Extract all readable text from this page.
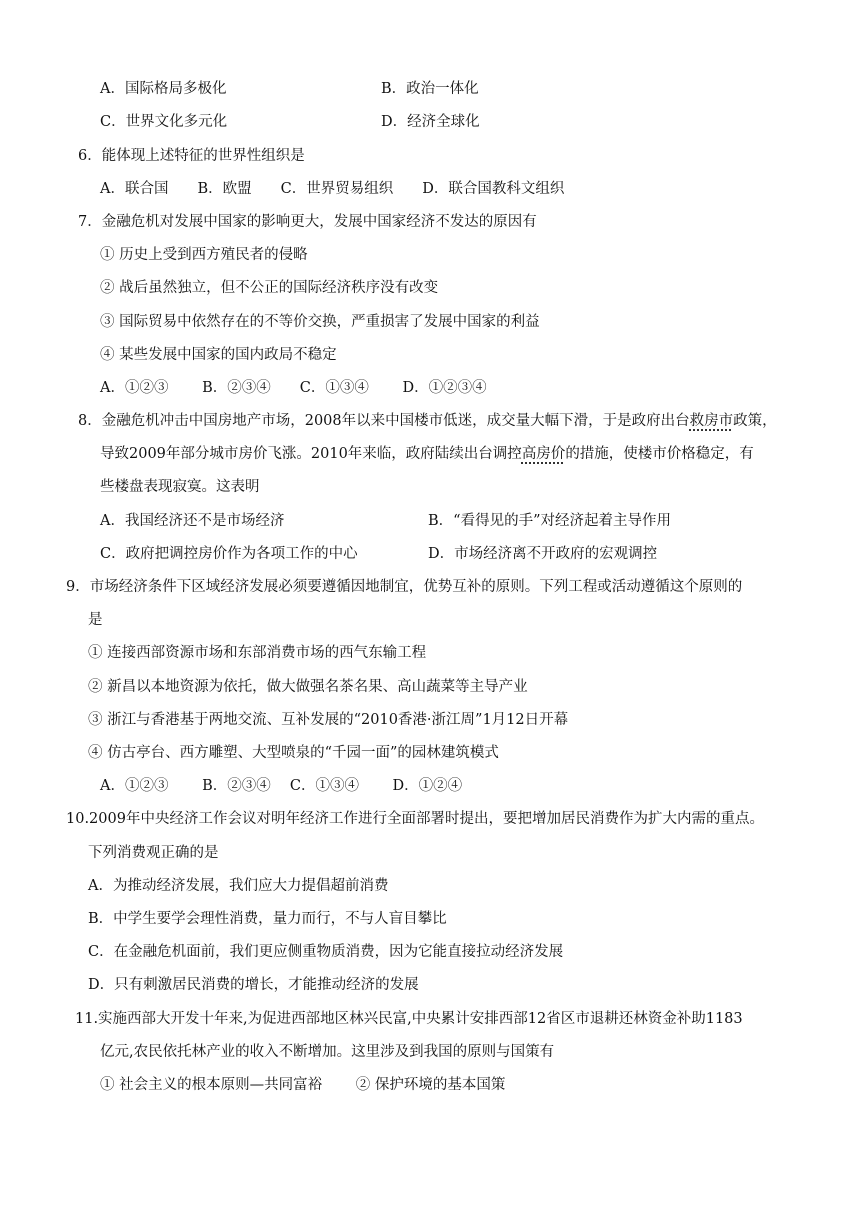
A．国际格局多极化	B．政治一体化
C．世界文化多元化	D．经济全球化
6．能体现上述特征的世界性组织是
A．联合国　　B．欧盟　　C．世界贸易组织　　D．联合国教科文组织
7．金融危机对发展中国家的影响更大，发展中国家经济不发达的原因有
① 历史上受到西方殖民者的侵略
② 战后虽然独立，但不公正的国际经济秩序没有改变
③ 国际贸易中依然存在的不等价交换，严重损害了发展中国家的利益
④ 某些发展中国家的国内政局不稳定
A．①②③　　 B．②③④　　C．①③④　　 D．①②③④
8．金融危机冲击中国房地产市场，2008年以来中国楼市低迷，成交量大幅下滑，于是政府出台救房市政策，
导致2009年部分城市房价飞涨。2010年来临，政府陆续出台调控高房价的措施，使楼市价格稳定，有
些楼盘表现寂寞。这表明
A．我国经济还不是市场经济	B．“看得见的手”对经济起着主导作用
C．政府把调控房价作为各项工作的中心	D．市场经济离不开政府的宏观调控
9．市场经济条件下区域经济发展必须要遵循因地制宜，优势互补的原则。下列工程或活动遵循这个原则的
是
① 连接西部资源市场和东部消费市场的西气东输工程
② 新昌以本地资源为依托，做大做强名茶名果、高山蔬菜等主导产业
③ 浙江与香港基于两地交流、互补发展的“2010香港·浙江周”1月12日开幕
④ 仿古亭台、西方雕塑、大型喷泉的“千园一面”的园林建筑模式
A．①②③　　 B．②③④　 C．①③④　　 D．①②④
10.2009年中央经济工作会议对明年经济工作进行全面部署时提出，要把增加居民消费作为扩大内需的重点。
下列消费观正确的是
A．为推动经济发展，我们应大力提倡超前消费
B．中学生要学会理性消费，量力而行，不与人盲目攀比
C．在金融危机面前，我们更应侧重物质消费，因为它能直接拉动经济发展
D．只有刺激居民消费的增长，才能推动经济的发展
11.实施西部大开发十年来,为促进西部地区林兴民富,中央累计安排西部12省区市退耕还林资金补助1183
亿元,农民依托林产业的收入不断增加。这里涉及到我国的原则与国策有
① 社会主义的根本原则—共同富裕　　 ② 保护环境的基本国策
